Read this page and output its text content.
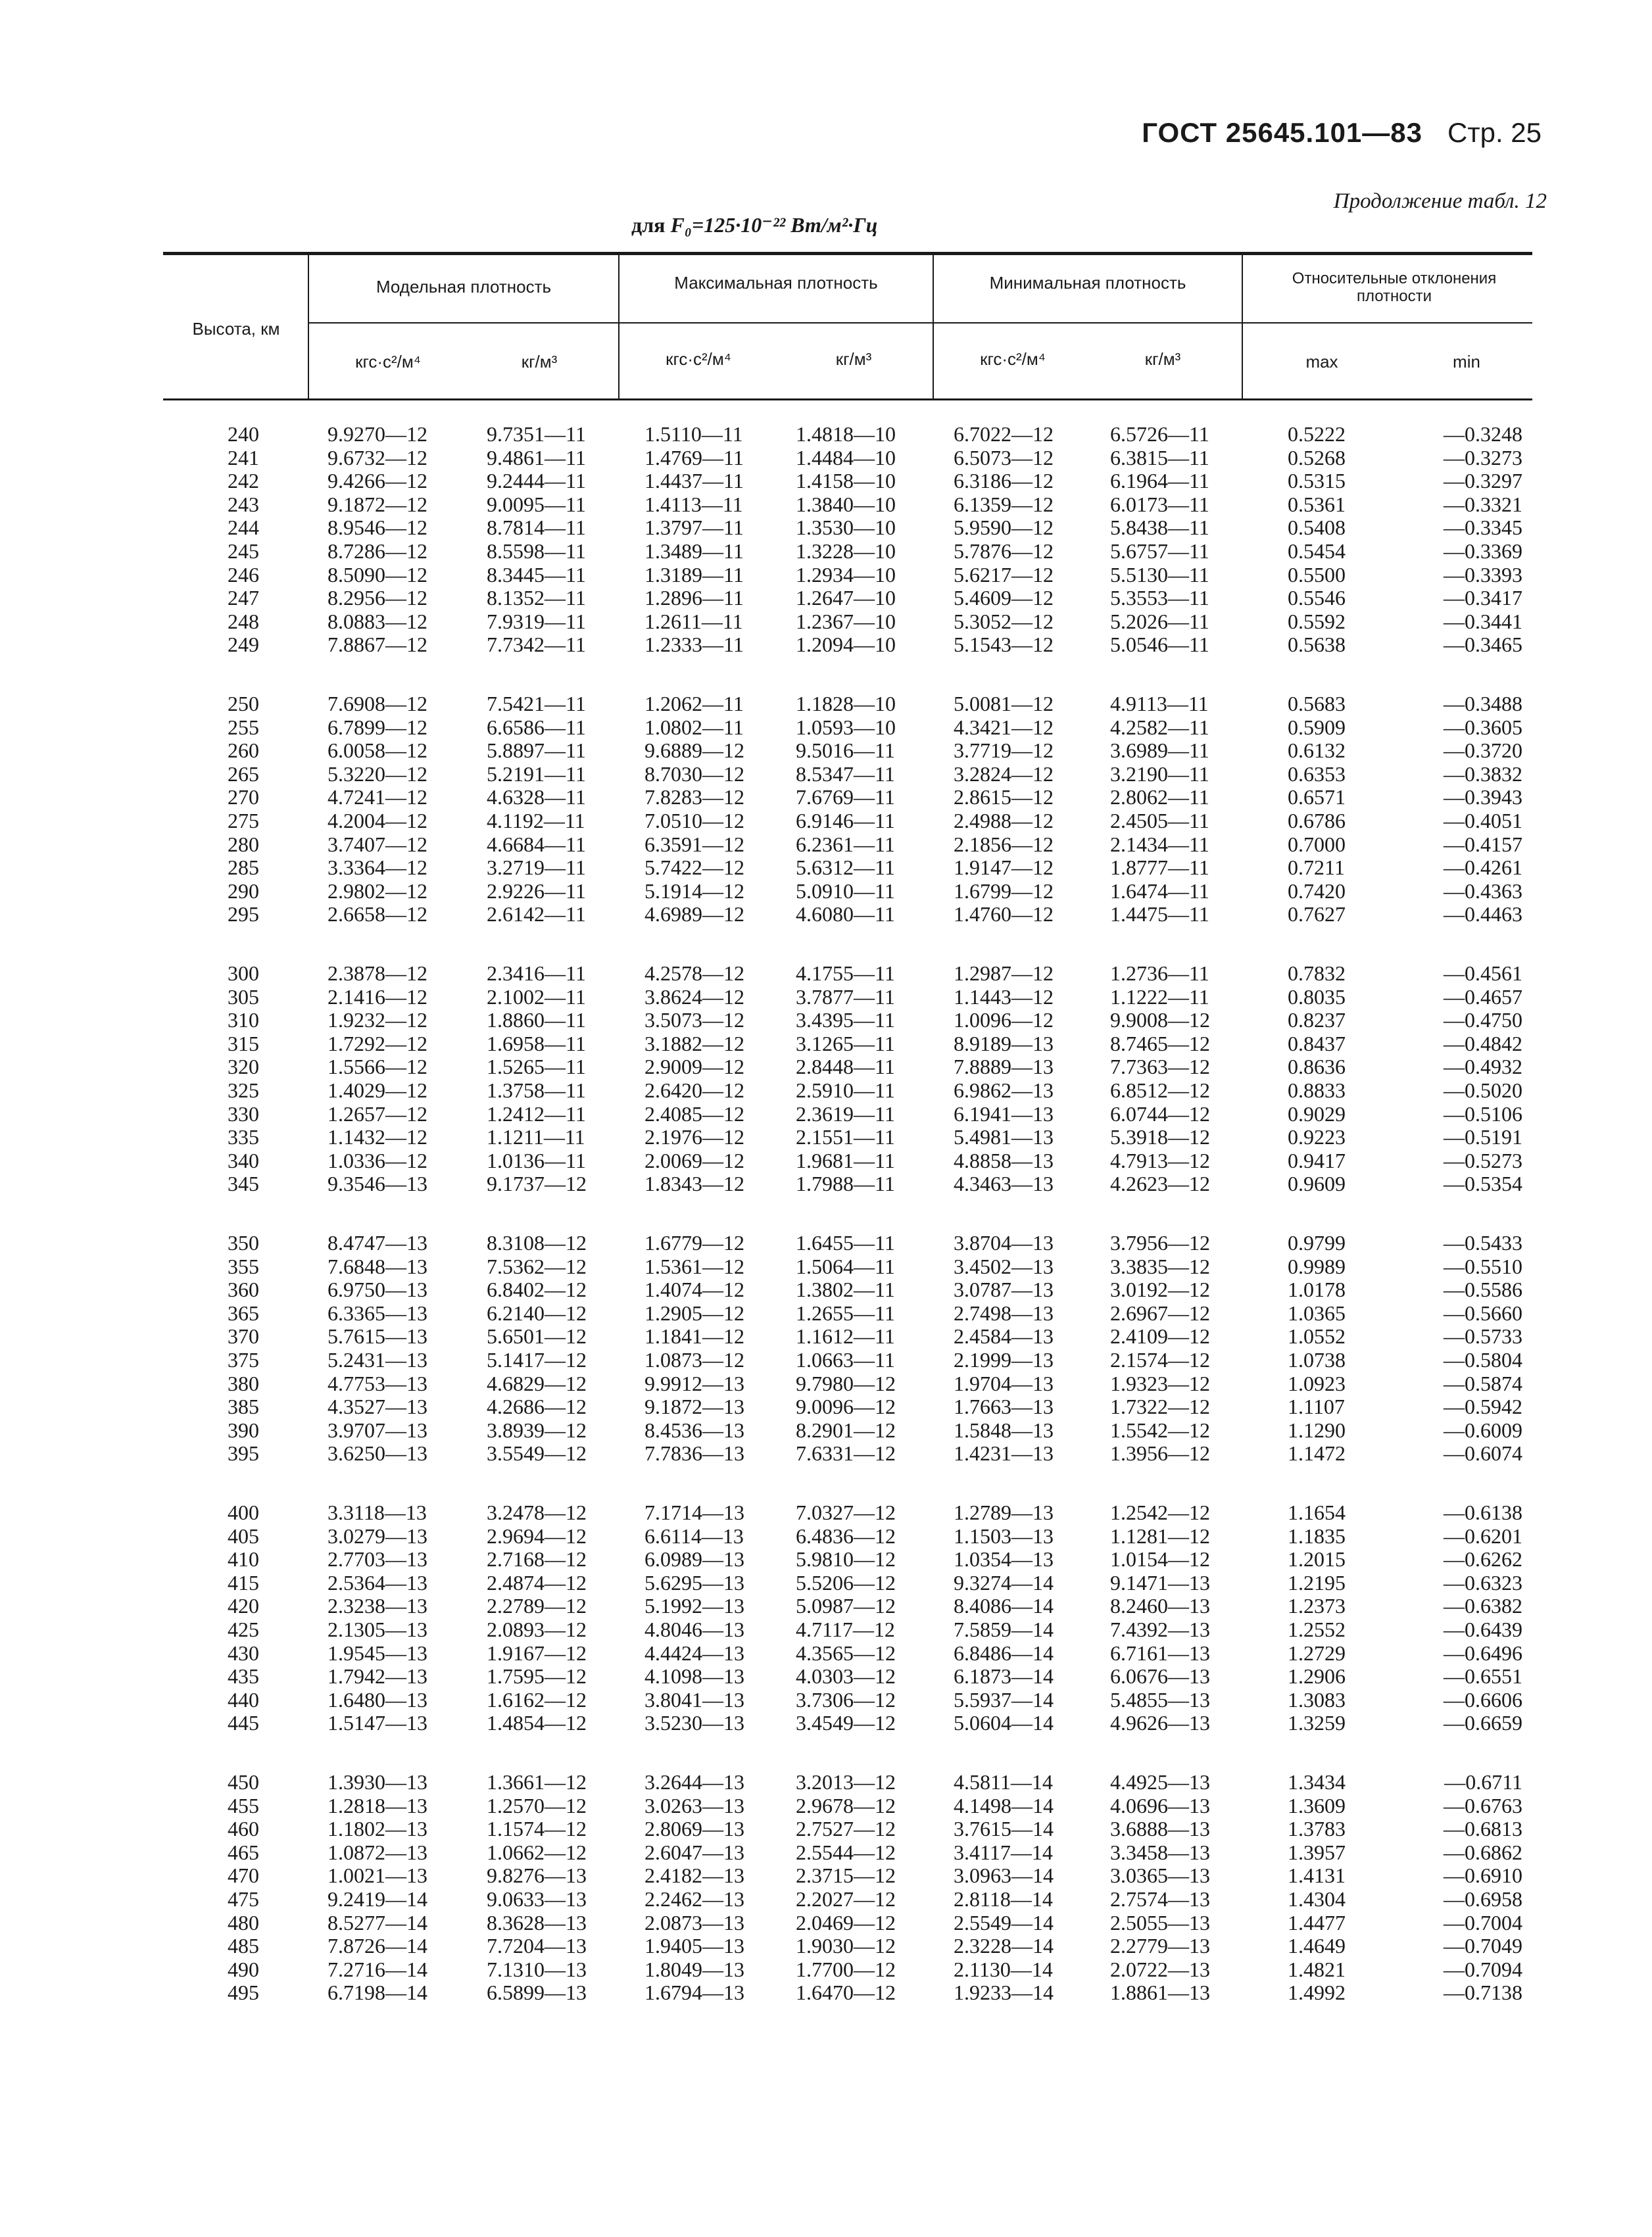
ГОСТ 25645.101—83 Стр. 25
Продолжение табл. 12
для F₀=125·10⁻²² Вт/м²·Гц
Высота, км
Модельная плотность	Максимальная плотность	Минимальная плотность	Относительные отклонения плотности
кгс·с²/м⁴	кг/м³	кгс·с²/м⁴	кг/м³	кгс·с²/м⁴	кг/м³	max	min
240	9.9270—12	9.7351—11	1.5110—11	1.4818—10	6.7022—12	6.5726—11	0.5222	—0.3248
241	9.6732—12	9.4861—11	1.4769—11 1.4484—10	6.5073—12	6.3815—11	0.5268	—0.3273
242	9.4266—12	9.2444—11	1.4437—11 1.4158—10	6.3186—12	6.1964—11	0.5315	—0.3297
243	9.1872—12	9.0095—11	1.4113—11	1.3840—10	6.1359—12	6.0173—11	0.5361	—0.3321
244	8.9546—12	8.7814—11	1.3797—11 1.3530—10	5.9590—12	5.8438—11	0.5408	—0.3345
245	8.7286—12	8.5598—11	1.3489—11 1.3228—10	5.7876—12	5.6757—11	0.5454	—0.3369
246	8.5090—12	8.3445—11	1.3189—11 1.2934—10	5.6217—12	5.5130—11	0.5500	—0.3393
247	8.2956—12	8.1352—11	1.2896—11 1.2647—10	5.4609—12	5.3553—11	0.5546	—0.3417
248	8.0883—12	7.9319—11	1.2611—11	1.2367—10	5.3052—12	5.2026—11	0.5592	—0.3441
249	7.8867—12	7.7342—11	1.2333—11 1.2094—10	5.1543—12	5.0546—11	0.5638	—0.3465
250	7.6908—12	7.5421—11	1.2062—11 1.1828—10	5.0081—12	4.9113—11	0.5683	—0.3488
255	6.7899—12	6.6586—11	1.0802—11 1.0593—10	4.3421—12	4.2582—11	0.5909	—0.3605
260	6.0058—12	5.8897—11	9.6889—12 9.5016—11	3.7719—12	3.6989—11	0.6132	—0.3720
265	5.3220—12	5.2191—11	8.7030—12 8.5347—11	3.2824—12	3.2190—11	0.6353	—0.3832
270	4.7241—12	4.6328—11	7.8283—12 7.6769—11	2.8615—12	2.8062—11	0.6571	—0.3943
275	4.2004—12	4.1192—11	7.0510—12 6.9146—11	2.4988—12	2.4505—11	0.6786	—0.4051
280	3.7407—12	4.6684—11	6.3591—12 6.2361—11	2.1856—12	2.1434—11	0.7000	—0.4157
285	3.3364—12	3.2719—11	5.7422—12 5.6312—11	1.9147—12	1.8777—11	0.7211	—0.4261
290	2.9802—12	2.9226—11	5.1914—12 5.0910—11	1.6799—12	1.6474—11	0.7420	—0.4363
295	2.6658—12	2.6142—11	4.6989—12 4.6080—11	1.4760—12	1.4475—11	0.7627	—0.4463
300	2.3878—12	2.3416—11	4.2578—12 4.1755—11	1.2987—12	1.2736—11	0.7832	—0.4561
305	2.1416—12	2.1002—11	3.8624—12 3.7877—11	1.1443—12	1.1222—11	0.8035	—0.4657
310	1.9232—12	1.8860—11	3.5073—12 3.4395—11	1.0096—12	9.9008—12	0.8237	—0.4750
315	1.7292—12	1.6958—11	3.1882—12 3.1265—11	8.9189—13	8.7465—12	0.8437	—0.4842
320	1.5566—12	1.5265—11	2.9009—12 2.8448—11	7.8889—13	7.7363—12	0.8636	—0.4932
325	1.4029—12	1.3758—11	2.6420—12 2.5910—11	6.9862—13	6.8512—12	0.8833	—0.5020
330	1.2657—12	1.2412—11	2.4085—12 2.3619—11	6.1941—13	6.0744—12	0.9029	—0.5106
335	1.1432—12	1.1211—11	2.1976—12 2.1551—11	5.4981—13	5.3918—12	0.9223	—0.5191
340	1.0336—12	1.0136—11	2.0069—12 1.9681—11	4.8858—13	4.7913—12	0.9417	—0.5273
345	9.3546—13	9.1737—12	1.8343—12 1.7988—11	4.3463—13	4.2623—12	0.9609	—0.5354
350	8.4747—13	8.3108—12	1.6779—12 1.6455—11	3.8704—13	3.7956—12	0.9799	—0.5433
355	7.6848—13	7.5362—12	1.5361—12 1.5064—11	3.4502—13	3.3835—12	0.9989	—0.5510
360	6.9750—13	6.8402—12	1.4074—12 1.3802—11	3.0787—13	3.0192—12	1.0178	—0.5586
365	6.3365—13	6.2140—12	1.2905—12 1.2655—11	2.7498—13	2.6967—12	1.0365	—0.5660
370	5.7615—13	5.6501—12	1.1841—12 1.1612—11	2.4584—13	2.4109—12	1.0552	—0.5733
375	5.2431—13	5.1417—12	1.0873—12 1.0663—11	2.1999—13	2.1574—12	1.0738	—0.5804
380	4.7753—13	4.6829—12	9.9912—13 9.7980—12	1.9704—13	1.9323—12	1.0923	—0.5874
385	4.3527—13	4.2686—12	9.1872—13 9.0096—12	1.7663—13	1.7322—12	1.1107	—0.5942
390	3.9707—13	3.8939—12	8.4536—13 8.2901—12	1.5848—13	1.5542—12	1.1290	—0.6009
395	3.6250—13	3.5549—12	7.7836—13 7.6331—12	1.4231—13	1.3956—12	1.1472	—0.6074
400	3.3118—13	3.2478—12	7.1714—13 7.0327—12	1.2789—13	1.2542—12	1.1654	—0.6138
405	3.0279—13	2.9694—12	6.6114—13 6.4836—12	1.1503—13	1.1281—12	1.1835	—0.6201
410	2.7703—13	2.7168—12	6.0989—13 5.9810—12	1.0354—13	1.0154—12	1.2015	—0.6262
415	2.5364—13	2.4874—12	5.6295—13 5.5206—12	9.3274—14	9.1471—13	1.2195	—0.6323
420	2.3238—13	2.2789—12	5.1992—13 5.0987—12	8.4086—14	8.2460—13	1.2373	—0.6382
425	2.1305—13	2.0893—12	4.8046—13 4.7117—12	7.5859—14	7.4392—13	1.2552	—0.6439
430	1.9545—13	1.9167—12	4.4424—13 4.3565—12	6.8486—14	6.7161—13	1.2729	—0.6496
435	1.7942—13	1.7595—12	4.1098—13 4.0303—12	6.1873—14	6.0676—13	1.2906	—0.6551
440	1.6480—13	1.6162—12	3.8041—13 3.7306—12	5.5937—14	5.4855—13	1.3083	—0.6606
445	1.5147—13	1.4854—12	3.5230—13 3.4549—12	5.0604—14	4.9626—13	1.3259	—0.6659
450	1.3930—13	1.3661—12	3.2644—13 3.2013—12	4.5811—14	4.4925—13	1.3434	—0.6711
455	1.2818—13	1.2570—12	3.0263—13 2.9678—12	4.1498—14	4.0696—13	1.3609	—0.6763
460	1.1802—13	1.1574—12	2.8069—13 2.7527—12	3.7615—14	3.6888—13	1.3783	—0.6813
465	1.0872—13	1.0662—12	2.6047—13 2.5544—12	3.4117—14	3.3458—13	1.3957	—0.6862
470	1.0021—13	9.8276—13	2.4182—13 2.3715—12	3.0963—14	3.0365—13	1.4131	—0.6910
475	9.2419—14	9.0633—13	2.2462—13 2.2027—12	2.8118—14	2.7574—13	1.4304	—0.6958
480	8.5277—14	8.3628—13	2.0873—13 2.0469—12	2.5549—14	2.5055—13	1.4477	—0.7004
485	7.8726—14	7.7204—13	1.9405—13 1.9030—12	2.3228—14	2.2779—13	1.4649	—0.7049
490	7.2716—14	7.1310—13	1.8049—13 1.7700—12	2.1130—14	2.0722—13	1.4821	—0.7094
495	6.7198—14	6.5899—13	1.6794—13 1.6470—12	1.9233—14	1.8861—13	1.4992	—0.7138
